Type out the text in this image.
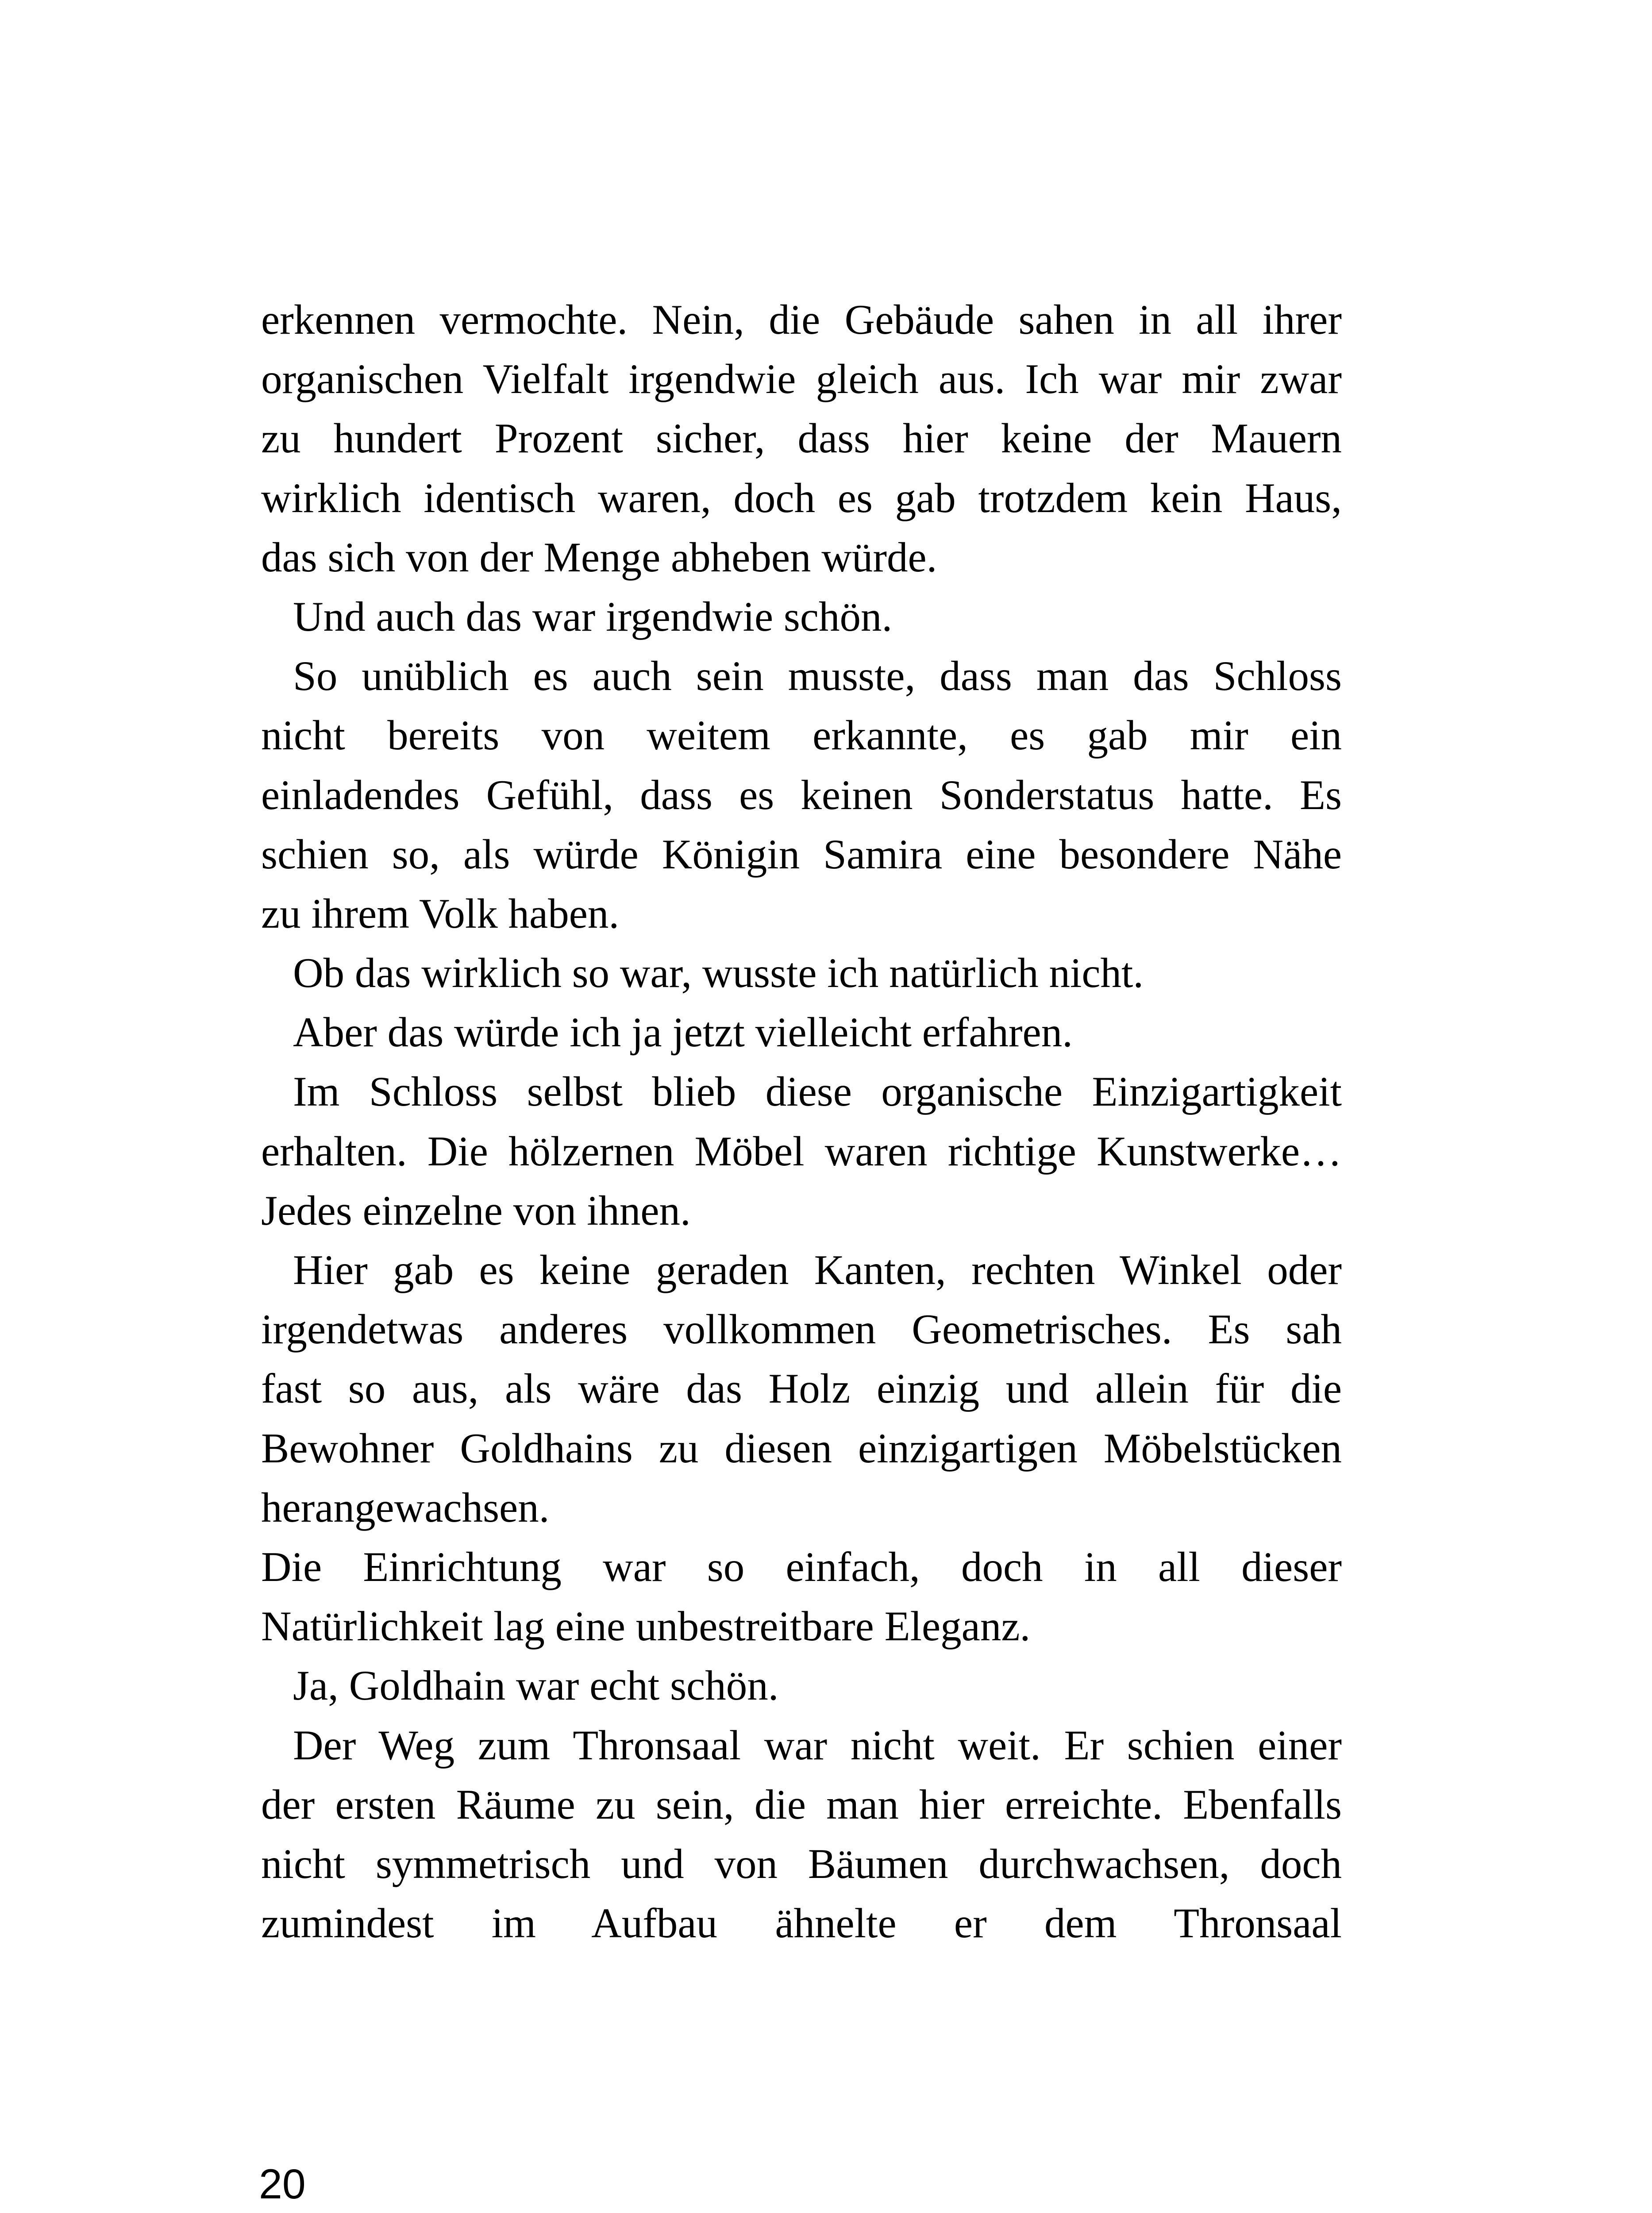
erkennen vermochte. Nein, die Gebäude sahen in all ihrer
organischen Vielfalt irgendwie gleich aus. Ich war mir zwar
zu hundert Prozent sicher, dass hier keine der Mauern
wirklich identisch waren, doch es gab trotzdem kein Haus,
das sich von der Menge abheben würde.
Und auch das war irgendwie schön.
So unüblich es auch sein musste, dass man das Schloss
nicht bereits von weitem erkannte, es gab mir ein
einladendes Gefühl, dass es keinen Sonderstatus hatte. Es
schien so, als würde Königin Samira eine besondere Nähe
zu ihrem Volk haben.
Ob das wirklich so war, wusste ich natürlich nicht.
Aber das würde ich ja jetzt vielleicht erfahren.
Im Schloss selbst blieb diese organische Einzigartigkeit
erhalten. Die hölzernen Möbel waren richtige Kunstwerke…
Jedes einzelne von ihnen.
Hier gab es keine geraden Kanten, rechten Winkel oder
irgendetwas anderes vollkommen Geometrisches. Es sah
fast so aus, als wäre das Holz einzig und allein für die
Bewohner Goldhains zu diesen einzigartigen Möbelstücken
herangewachsen.
Die Einrichtung war so einfach, doch in all dieser
Natürlichkeit lag eine unbestreitbare Eleganz.
Ja, Goldhain war echt schön.
Der Weg zum Thronsaal war nicht weit. Er schien einer
der ersten Räume zu sein, die man hier erreichte. Ebenfalls
nicht symmetrisch und von Bäumen durchwachsen, doch
zumindest im Aufbau ähnelte er dem Thronsaal
20
